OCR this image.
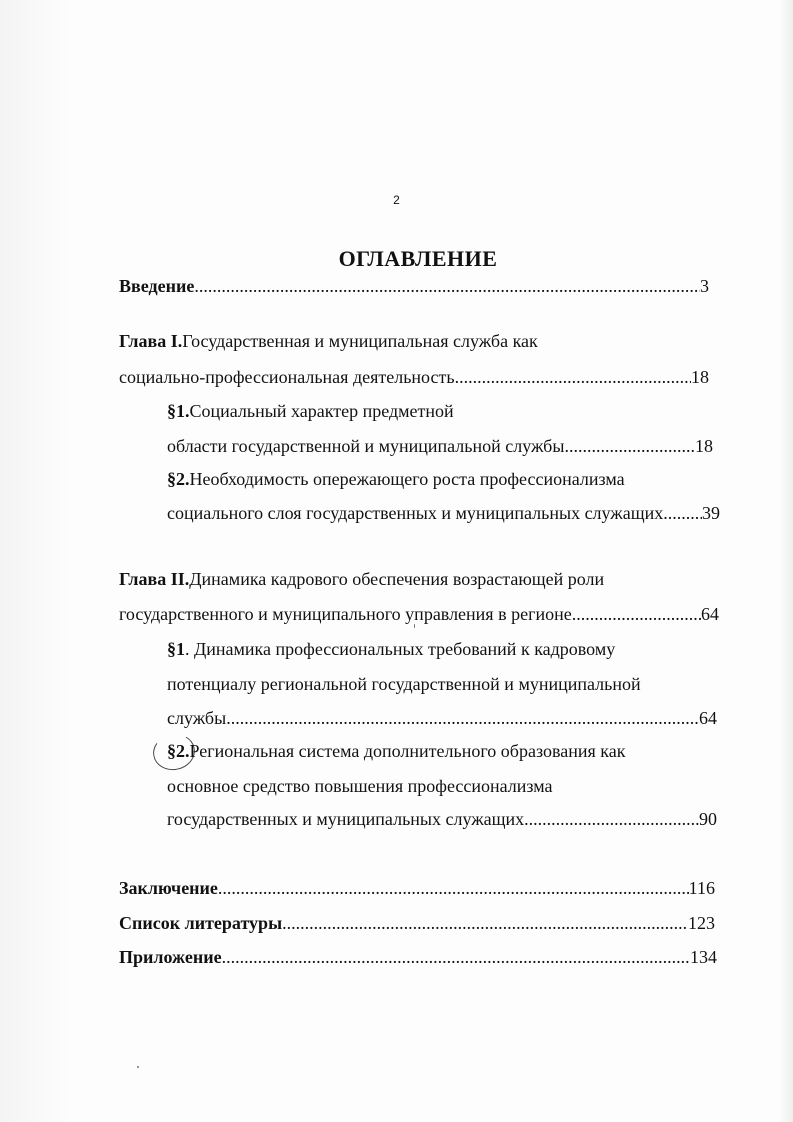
2
ОГЛАВЛЕНИЕ
Введение .....	3
Глава I. Государственная и муниципальная служба как
социально-профессиональная деятельность .....	18
§1. Социальный характер предметной
области государственной и муниципальной службы .....	18
§2. Необходимость опережающего роста профессионализма
социального слоя государственных и муниципальных служащих ..... 39
Глава II. Динамика кадрового обеспечения возрастающей роли
государственного и муниципального управления в регионе .....	64
§1 . Динамика профессиональных требований к кадровому
потенциалу региональной государственной и муниципальной
службы .....	64
§2. Региональная система дополнительного образования как
основное средство повышения профессионализма
государственных и муниципальных служащих .....	90
Заключение .....	116
Список литературы .....	123
Приложение .....	134
